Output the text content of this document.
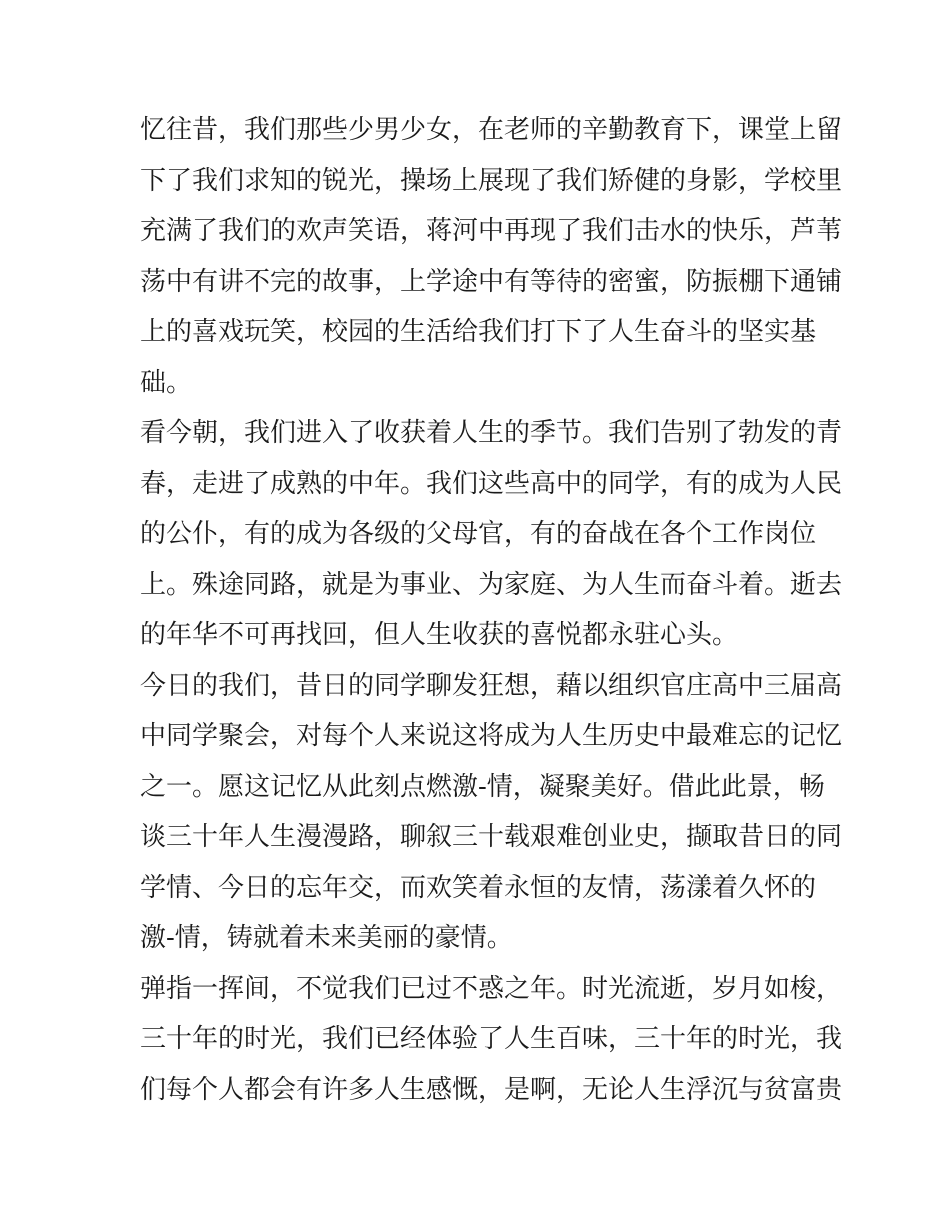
忆往昔，我们那些少男少女，在老师的辛勤教育下，课堂上留
下了我们求知的锐光，操场上展现了我们矫健的身影，学校里
充满了我们的欢声笑语，蒋河中再现了我们击水的快乐，芦苇
荡中有讲不完的故事，上学途中有等待的密蜜，防振棚下通铺
上的喜戏玩笑，校园的生活给我们打下了人生奋斗的坚实基
础。
看今朝，我们进入了收获着人生的季节。我们告别了勃发的青
春，走进了成熟的中年。我们这些高中的同学，有的成为人民
的公仆，有的成为各级的父母官，有的奋战在各个工作岗位
上。殊途同路，就是为事业、为家庭、为人生而奋斗着。逝去
的年华不可再找回，但人生收获的喜悦都永驻心头。
今日的我们，昔日的同学聊发狂想，藉以组织官庄高中三届高
中同学聚会，对每个人来说这将成为人生历史中最难忘的记忆
之一。愿这记忆从此刻点燃激-情，凝聚美好。借此此景，畅
谈三十年人生漫漫路，聊叙三十载艰难创业史，撷取昔日的同
学情、今日的忘年交，而欢笑着永恒的友情，荡漾着久怀的
激-情，铸就着未来美丽的豪情。
弹指一挥间，不觉我们已过不惑之年。时光流逝，岁月如梭，
三十年的时光，我们已经体验了人生百味，三十年的时光，我
们每个人都会有许多人生感慨，是啊，无论人生浮沉与贫富贵
